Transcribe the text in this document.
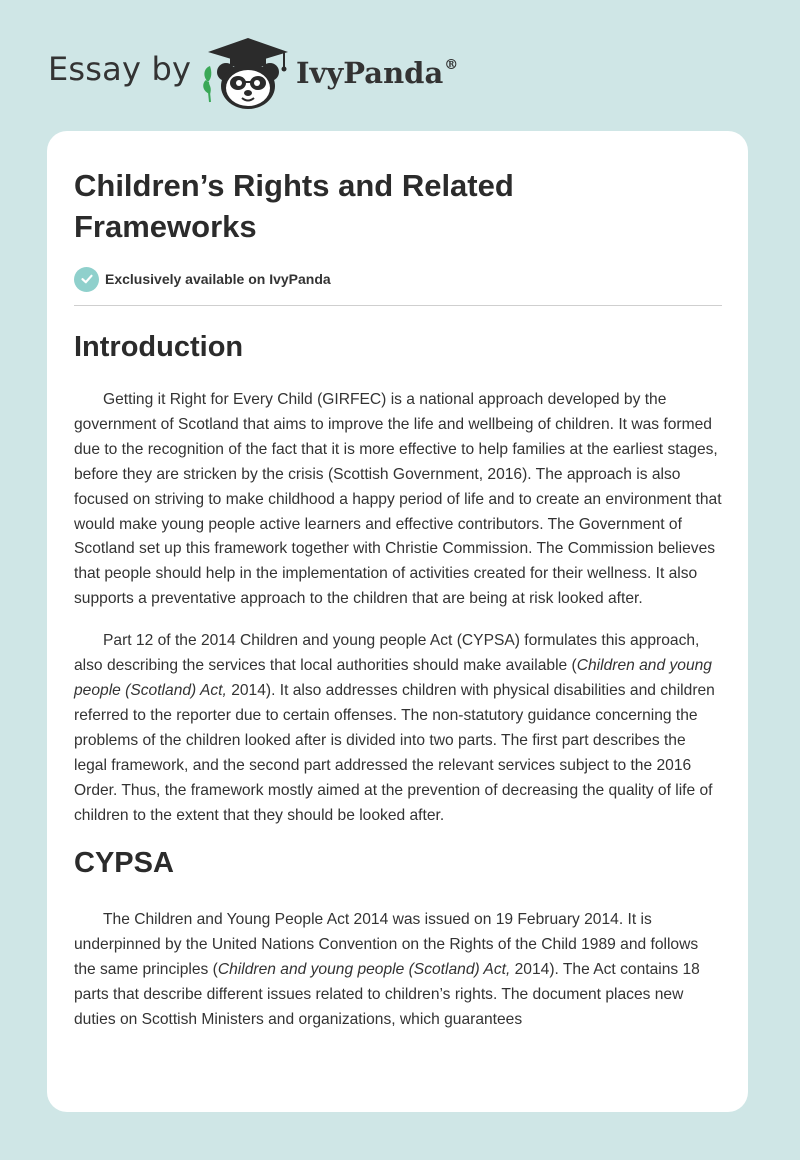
Essay by	IvyPanda®
Children’s Rights and Related Frameworks
Exclusively available on IvyPanda
Introduction

Getting it Right for Every Child (GIRFEC) is a national approach developed by the government of Scotland that aims to improve the life and wellbeing of children. It was formed due to the recognition of the fact that it is more effective to help families at the earliest stages, before they are stricken by the crisis (Scottish Government, 2016). The approach is also focused on striving to make childhood a happy period of life and to create an environment that would make young people active learners and effective contributors. The Government of Scotland set up this framework together with Christie Commission. The Commission believes that people should help in the implementation of activities created for their wellness. It also supports a preventative approach to the children that are being at risk looked after.

Part 12 of the 2014 Children and young people Act (CYPSA) formulates this approach, also describing the services that local authorities should make available (Children and young people (Scotland) Act, 2014). It also addresses children with physical disabilities and children referred to the reporter due to certain offenses. The non-statutory guidance concerning the problems of the children looked after is divided into two parts. The first part describes the legal framework, and the second part addressed the relevant services subject to the 2016 Order. Thus, the framework mostly aimed at the prevention of decreasing the quality of life of children to the extent that they should be looked after.

CYPSA

The Children and Young People Act 2014 was issued on 19 February 2014. It is underpinned by the United Nations Convention on the Rights of the Child 1989 and follows the same principles (Children and young people (Scotland) Act, 2014). The Act contains 18 parts that describe different issues related to children’s rights. The document places new duties on Scottish Ministers and organizations, which guarantees
